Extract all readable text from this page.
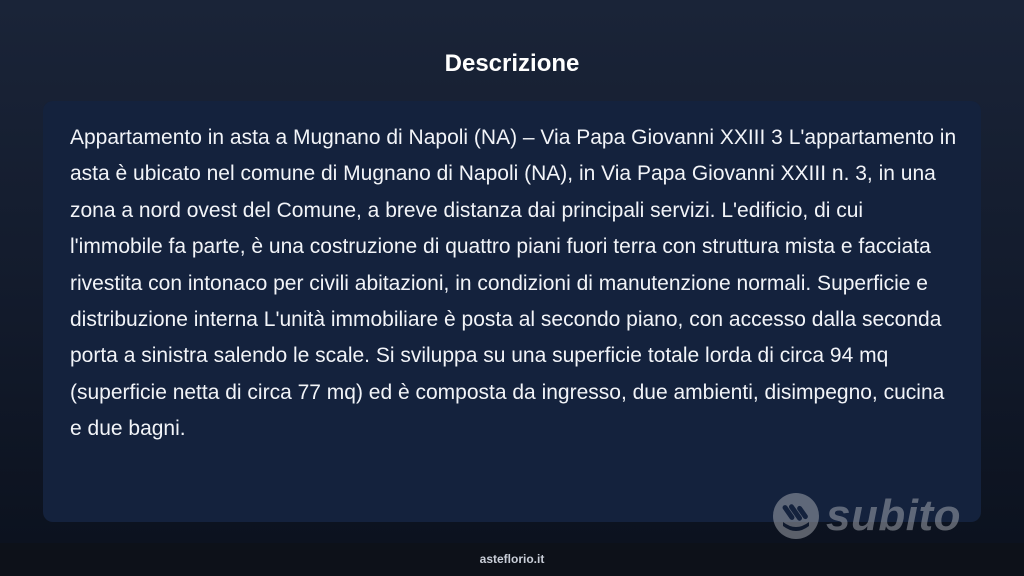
Descrizione

Appartamento in asta a Mugnano di Napoli (NA) – Via Papa Giovanni XXIII 3 L'appartamento in asta è ubicato nel comune di Mugnano di Napoli (NA), in Via Papa Giovanni XXIII n. 3, in una zona a nord ovest del Comune, a breve distanza dai principali servizi. L'edificio, di cui l'immobile fa parte, è una costruzione di quattro piani fuori terra con struttura mista e facciata rivestita con intonaco per civili abitazioni, in condizioni di manutenzione normali. Superficie e distribuzione interna L'unità immobiliare è posta al secondo piano, con accesso dalla seconda porta a sinistra salendo le scale. Si sviluppa su una superficie totale lorda di circa 94 mq (superficie netta di circa 77 mq) ed è composta da ingresso, due ambienti, disimpegno, cucina e due bagni.

subito
asteflorio.it
